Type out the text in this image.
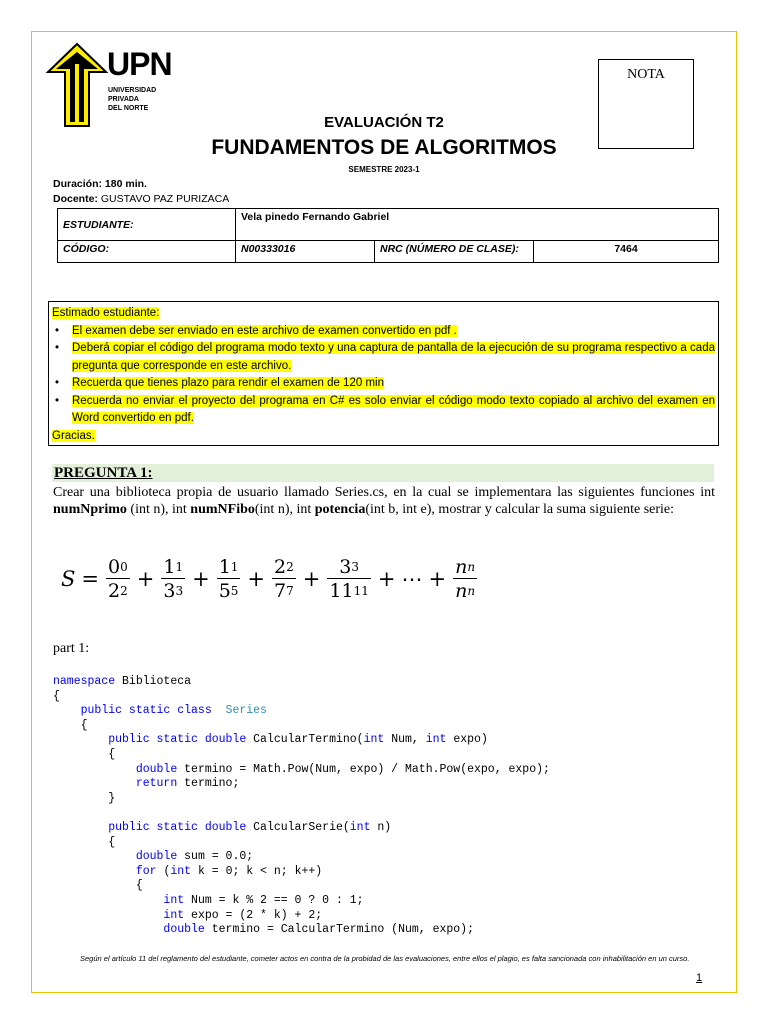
UPN
UNIVERSIDAD
PRIVADA
DEL NORTE
NOTA
EVALUACIÓN T2
FUNDAMENTOS DE ALGORITMOS
SEMESTRE 2023-1
Duración: 180 min.
Docente: GUSTAVO PAZ PURIZACA
ESTUDIANTE:	Vela pinedo Fernando Gabriel		
CÓDIGO:	N00333016	NRC (NÚMERO DE CLASE):	7464
Estimado estudiante:
• El examen debe ser enviado en este archivo de examen convertido en pdf .
• Deberá copiar el código del programa modo texto y una captura de pantalla de la ejecución de su programa respectivo a cada pregunta que corresponde en este archivo.
• Recuerda que tienes plazo para rendir el examen de 120 min
• Recuerda no enviar el proyecto del programa en C# es solo enviar el código modo texto copiado al archivo del examen en Word convertido en pdf.
Gracias.
PREGUNTA 1:
Crear una biblioteca propia de usuario llamado Series.cs, en la cual se implementara las siguientes funciones int numNprimo (int n), int numNFibo(int n), int potencia(int b, int e), mostrar y calcular la suma siguiente serie:
$S = \frac{0^0}{2^2} + \frac{1^1}{3^3} + \frac{1^1}{5^5} + \frac{2^2}{7^7} + \frac{3^3}{11^{11}}$ + ⋯ + $\frac{n^n}{n^n}$
part 1:
namespace Biblioteca
{
public static class Series
{
public static double CalcularTermino(int Num, int expo)
{
double termino = Math.Pow(Num, expo) / Math.Pow(expo, expo);
return termino;
}

public static double CalcularSerie(int n)
{
double sum = 0.0;
for (int k = 0; k < n; k++)
{
int Num = k % 2 == 0 ? 0 : 1;
int expo = (2 * k) + 2;
double termino = CalcularTermino (Num, expo);

Según el artículo 11 del reglamento del estudiante, cometer actos en contra de la probidad de las evaluaciones, entre ellos el plagio, es falta sancionada con inhabilitación en un curso.
1
